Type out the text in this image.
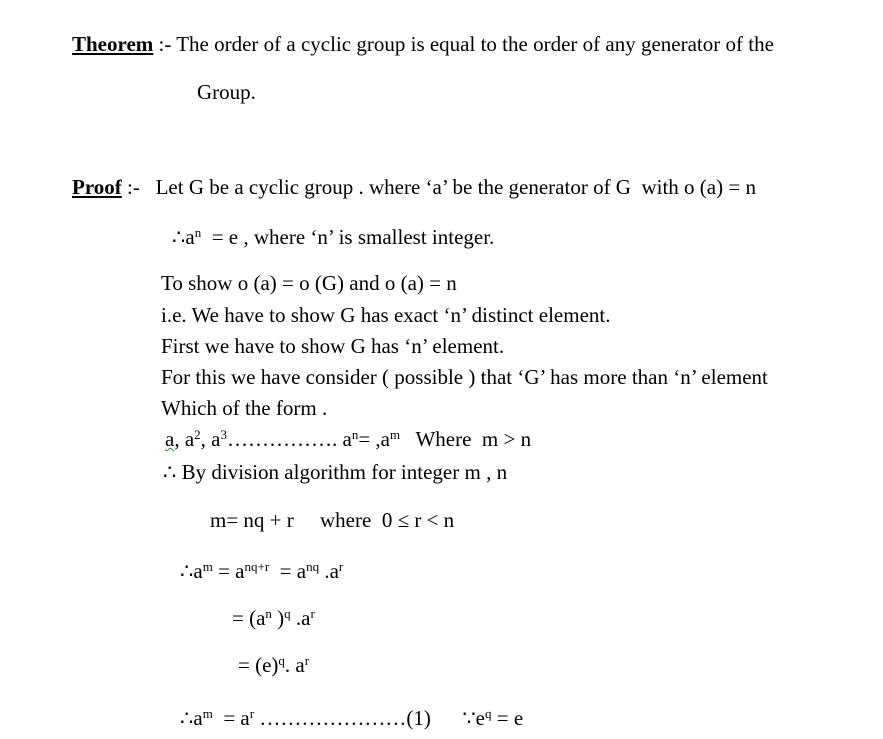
Theorem :- The order of a cyclic group is equal to the order of any generator of the
Group.
Proof :-   Let G be a cyclic group . where ‘a’ be the generator of G  with o (a) = n
$\therefore a^n = e$ , where ‘n’ is smallest integer.
To show o (a) = o (G) and o (a) = n
i.e. We have to show G has exact ‘n’ distinct element.
First we have to show G has ‘n’ element.
For this we have consider ( possible ) that ‘G’ has more than ‘n’ element
Which of the form .
a, $a^2$, $a^3\dots\dots\dots\dots\dots$. $a^n= ,a^m$   Where  m > n
∴ By division algorithm for integer m , n
m= nq + r     where  0 ≤ r < n
$\therefore a^m = a^{nq+r} = a^{nq}$ $.a^r$
= ($a^n$ )$^q$ $.a^r$
= $(e)^q$. $a^r$
$\therefore a^m = a^r$ …………………(1)      $\because e^q = e$
